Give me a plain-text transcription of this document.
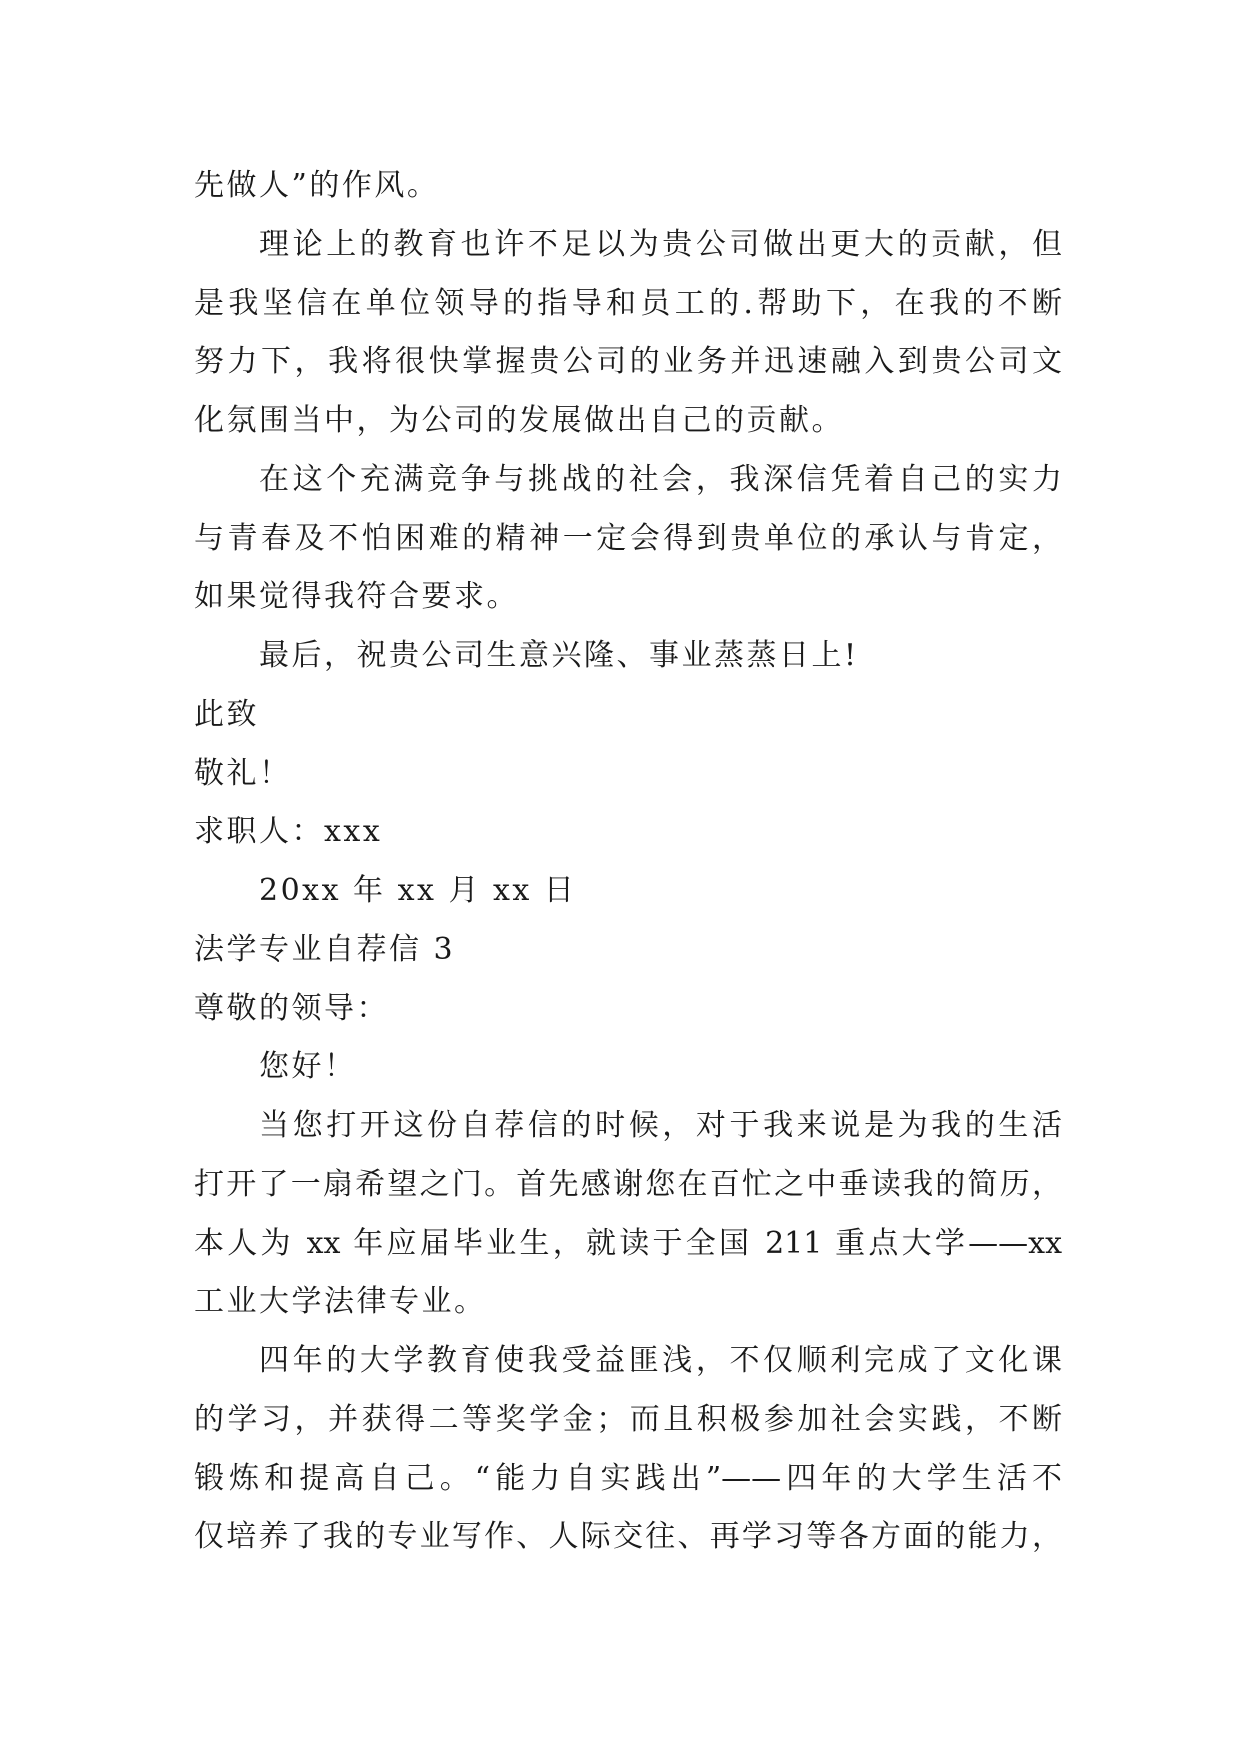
先做人”的作风。
理论上的教育也许不足以为贵公司做出更大的贡献，但
是我坚信在单位领导的指导和员工的.帮助下，在我的不断
努力下，我将很快掌握贵公司的业务并迅速融入到贵公司文
化氛围当中，为公司的发展做出自己的贡献。
在这个充满竞争与挑战的社会，我深信凭着自己的实力
与青春及不怕困难的精神一定会得到贵单位的承认与肯定，
如果觉得我符合要求。
最后，祝贵公司生意兴隆、事业蒸蒸日上!
此致
敬礼！
求职人：xxx
20xx 年 xx 月 xx 日
法学专业自荐信 3
尊敬的领导：
您好！
当您打开这份自荐信的时候，对于我来说是为我的生活
打开了一扇希望之门。首先感谢您在百忙之中垂读我的简历，
本人为 xx 年应届毕业生，就读于全国 211 重点大学——xx
工业大学法律专业。
四年的大学教育使我受益匪浅，不仅顺利完成了文化课
的学习，并获得二等奖学金；而且积极参加社会实践，不断
锻炼和提高自己。“能力自实践出”——四年的大学生活不
仅培养了我的专业写作、人际交往、再学习等各方面的能力，
